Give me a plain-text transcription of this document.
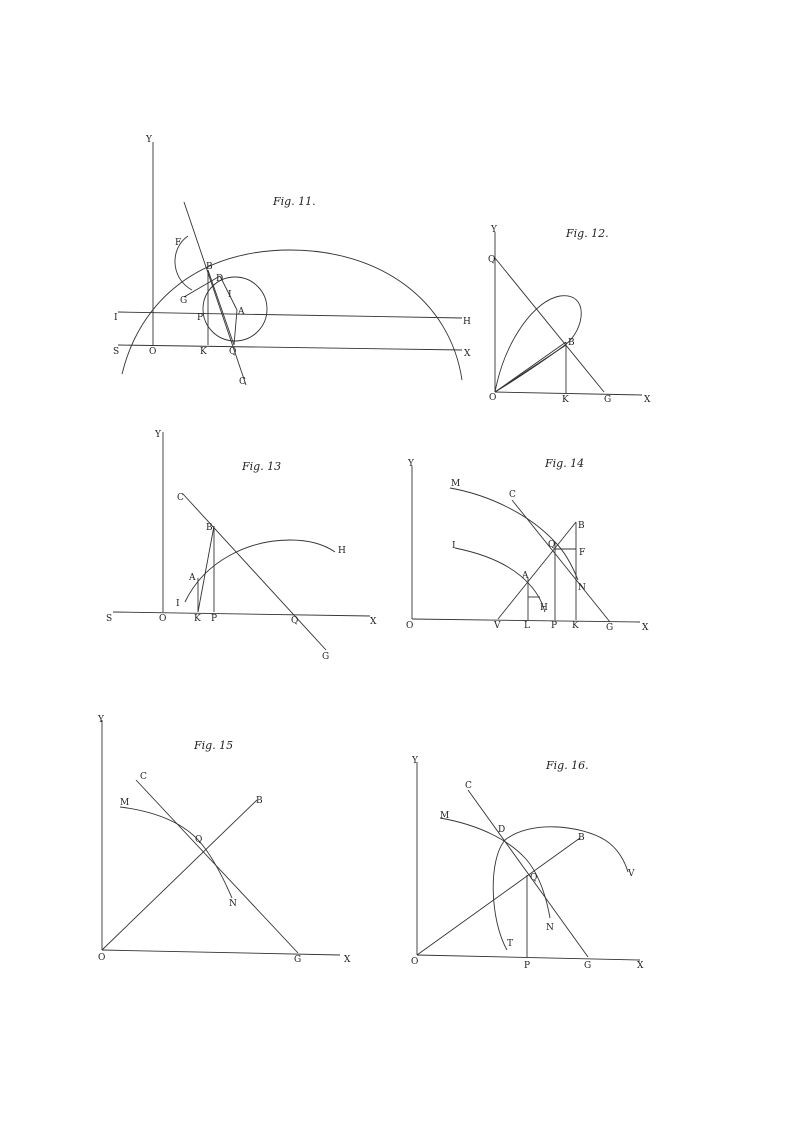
Fig. 11.
Y
F
B
D
I
A
G
P
I	H
S	O	K Q	X
C
Fig. 12.
Y
Q
B
O	K	G	X
Fig. 13
Y
C
B
H
A
I
S	O	K P	Q	X
G
Fig. 14
Y
M
C
B
Q
F
I
A
H
N
O	V	L P K	G	X
Fig. 15
Y
C
M	B
Q
N
O	G	X
Fig. 16.
Y
C
M
D
B
V
Q
N
T
O	P	G	X
